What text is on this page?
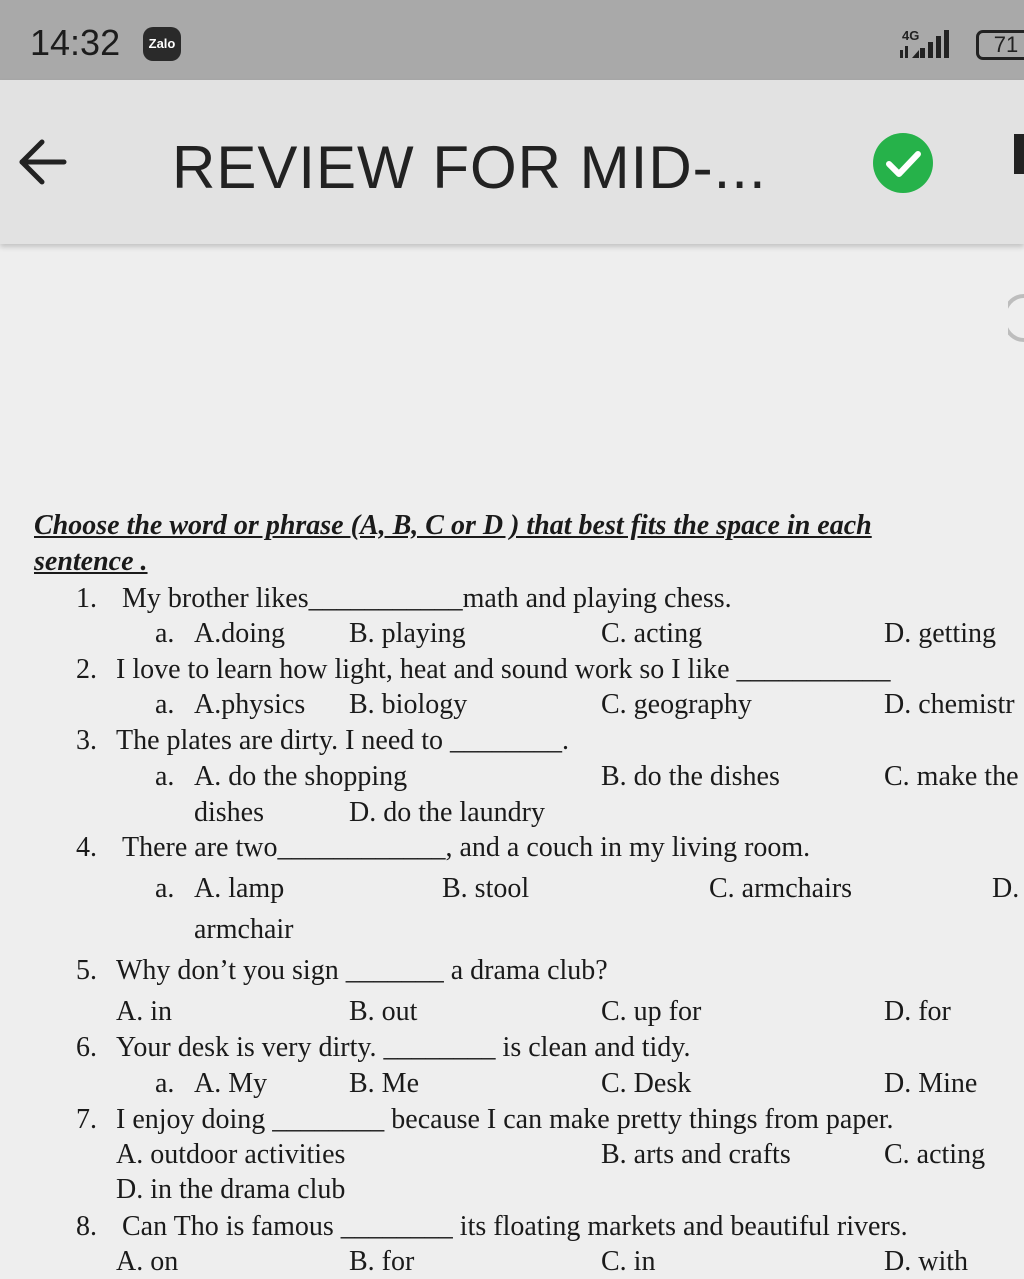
14:32	Zalo
4G	71
REVIEW FOR MID-...
Choose the word or phrase (A, B, C or D ) that best fits the space in each
sentence .
1. My brother likes___________math and playing chess.
a. A.doing B. playing	C. acting	D. getting
2. I love to learn how light, heat and sound work so I like ___________
a. A.physics B. biology	C. geography	D. chemistr
3. The plates are dirty. I need to ________.
a. A. do the shopping	B. do the dishes	C. make the
dishes	D. do the laundry
4. There are two____________, and a couch in my living room.
a. A. lamp	B. stool	C. armchairs	D.
armchair
5. Why don’t you sign _______ a drama club?
A. in	B. out	C. up for	D. for
6. Your desk is very dirty. ________ is clean and tidy.
a. A. My	B. Me	C. Desk	D. Mine
7. I enjoy doing ________ because I can make pretty things from paper.
A. outdoor activities	B. arts and crafts	C. acting
D. in the drama club
8. Can Tho is famous ________ its floating markets and beautiful rivers.
A. on	B. for	C. in	D. with
